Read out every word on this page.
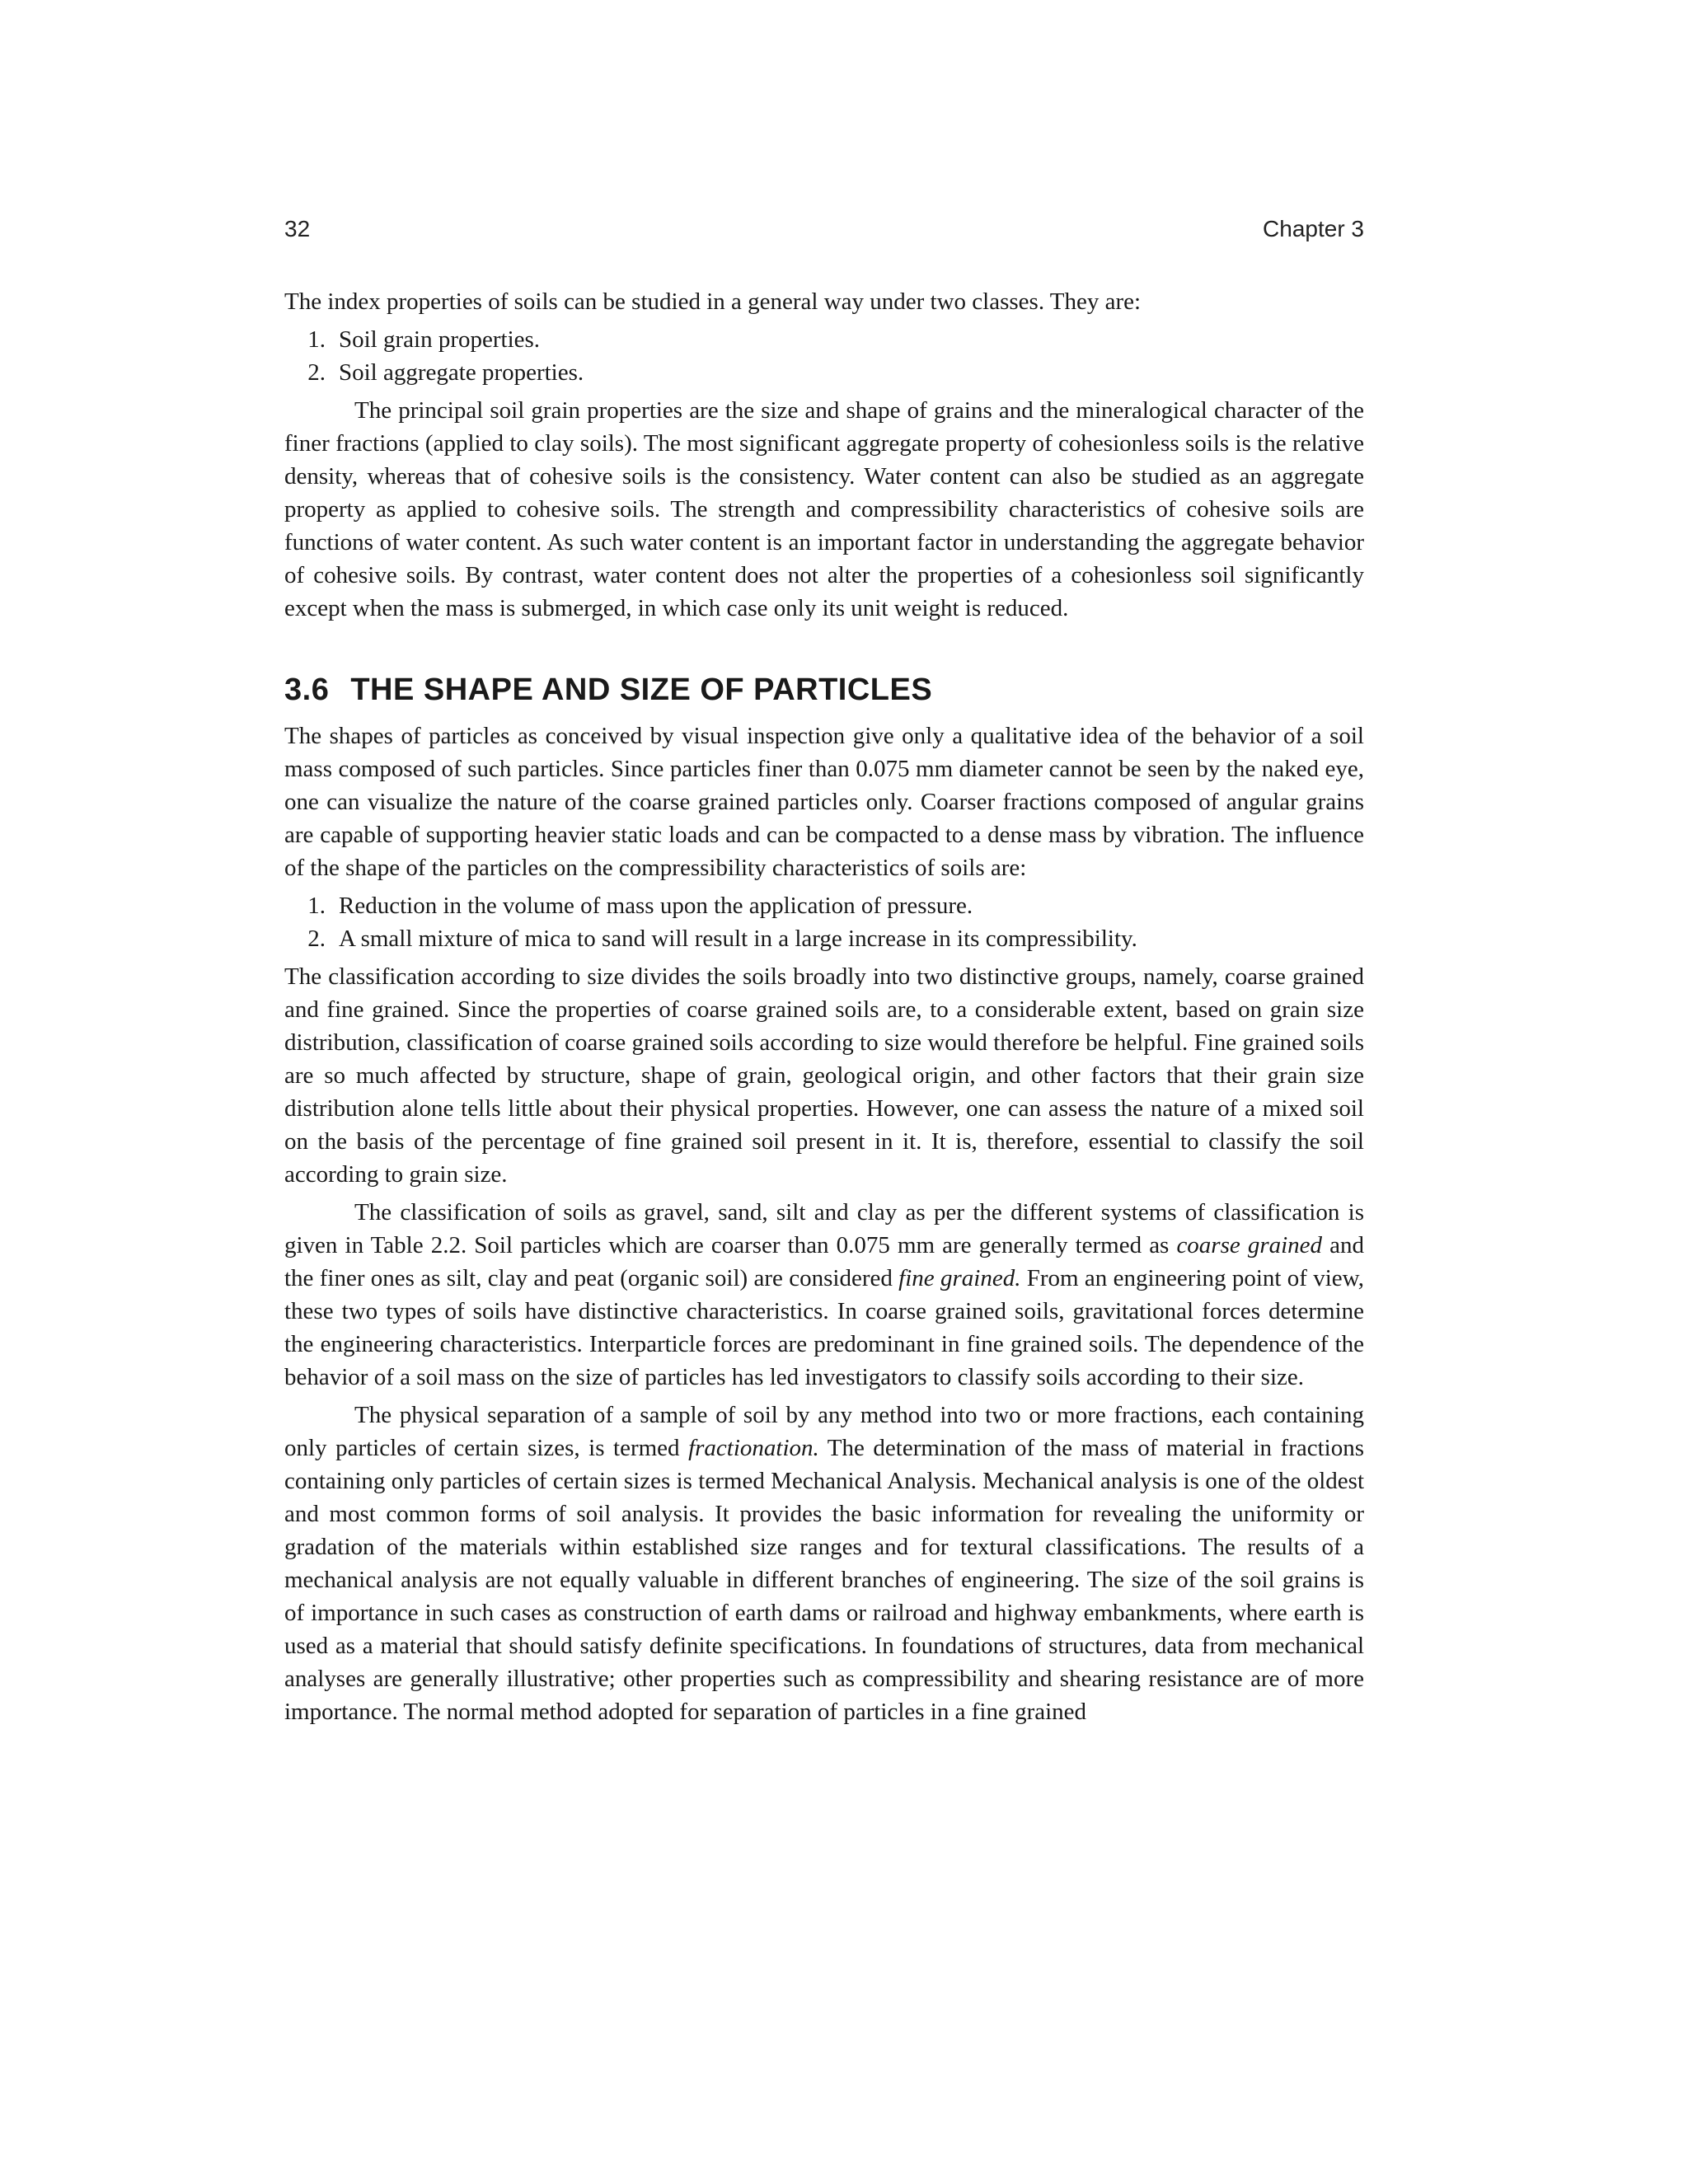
32	Chapter 3

The index properties of soils can be studied in a general way under two classes. They are:

1. Soil grain properties.
2. Soil aggregate properties.

The principal soil grain properties are the size and shape of grains and the mineralogical character of the finer fractions (applied to clay soils). The most significant aggregate property of cohesionless soils is the relative density, whereas that of cohesive soils is the consistency. Water content can also be studied as an aggregate property as applied to cohesive soils. The strength and compressibility characteristics of cohesive soils are functions of water content. As such water content is an important factor in understanding the aggregate behavior of cohesive soils. By contrast, water content does not alter the properties of a cohesionless soil significantly except when the mass is submerged, in which case only its unit weight is reduced.

3.6 THE SHAPE AND SIZE OF PARTICLES

The shapes of particles as conceived by visual inspection give only a qualitative idea of the behavior of a soil mass composed of such particles. Since particles finer than 0.075 mm diameter cannot be seen by the naked eye, one can visualize the nature of the coarse grained particles only. Coarser fractions composed of angular grains are capable of supporting heavier static loads and can be compacted to a dense mass by vibration. The influence of the shape of the particles on the compressibility characteristics of soils are:

1. Reduction in the volume of mass upon the application of pressure.
2. A small mixture of mica to sand will result in a large increase in its compressibility.

The classification according to size divides the soils broadly into two distinctive groups, namely, coarse grained and fine grained. Since the properties of coarse grained soils are, to a considerable extent, based on grain size distribution, classification of coarse grained soils according to size would therefore be helpful. Fine grained soils are so much affected by structure, shape of grain, geological origin, and other factors that their grain size distribution alone tells little about their physical properties. However, one can assess the nature of a mixed soil on the basis of the percentage of fine grained soil present in it. It is, therefore, essential to classify the soil according to grain size.

The classification of soils as gravel, sand, silt and clay as per the different systems of classification is given in Table 2.2. Soil particles which are coarser than 0.075 mm are generally termed as coarse grained and the finer ones as silt, clay and peat (organic soil) are considered fine grained. From an engineering point of view, these two types of soils have distinctive characteristics. In coarse grained soils, gravitational forces determine the engineering characteristics. Interparticle forces are predominant in fine grained soils. The dependence of the behavior of a soil mass on the size of particles has led investigators to classify soils according to their size.

The physical separation of a sample of soil by any method into two or more fractions, each containing only particles of certain sizes, is termed fractionation. The determination of the mass of material in fractions containing only particles of certain sizes is termed Mechanical Analysis. Mechanical analysis is one of the oldest and most common forms of soil analysis. It provides the basic information for revealing the uniformity or gradation of the materials within established size ranges and for textural classifications. The results of a mechanical analysis are not equally valuable in different branches of engineering. The size of the soil grains is of importance in such cases as construction of earth dams or railroad and highway embankments, where earth is used as a material that should satisfy definite specifications. In foundations of structures, data from mechanical analyses are generally illustrative; other properties such as compressibility and shearing resistance are of more importance. The normal method adopted for separation of particles in a fine grained
